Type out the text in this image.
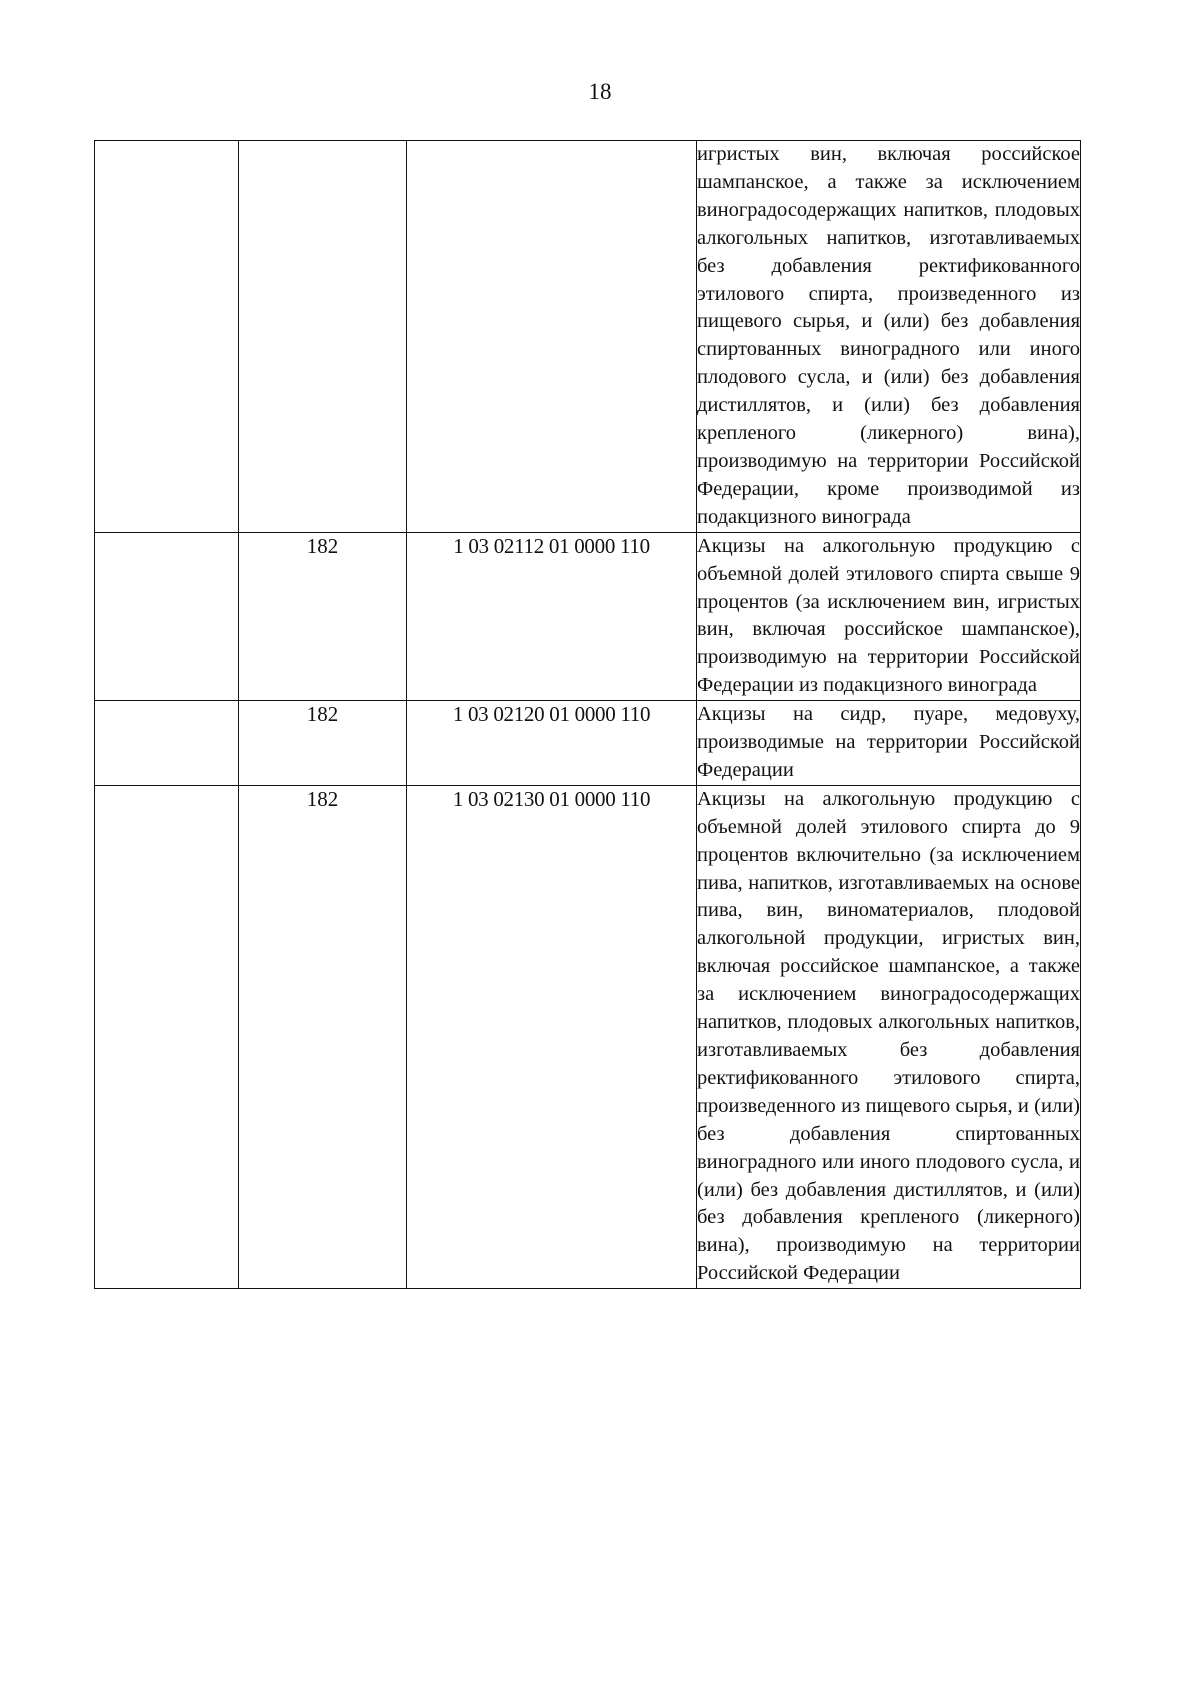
18

			игристых вин, включая российское шампанское, а также за исключением виноградосодержащих напитков, плодовых алкогольных напитков, изготавливаемых без добавления ректификованного этилового спирта, произведенного из пищевого сырья, и (или) без добавления спиртованных виноградного или иного плодового сусла, и (или) без добавления дистиллятов, и (или) без добавления крепленого (ликерного) вина), производимую на территории Российской Федерации, кроме производимой из подакцизного винограда

	182	1 03 02112 01 0000 110	Акцизы на алкогольную продукцию с объемной долей этилового спирта свыше 9 процентов (за исключением вин, игристых вин, включая российское шампанское), производимую на территории Российской Федерации из подакцизного винограда

	182	1 03 02120 01 0000 110	Акцизы на сидр, пуаре, медовуху, производимые на территории Российской Федерации

	182	1 03 02130 01 0000 110	Акцизы на алкогольную продукцию с объемной долей этилового спирта до 9 процентов включительно (за исключением пива, напитков, изготавливаемых на основе пива, вин, виноматериалов, плодовой алкогольной продукции, игристых вин, включая российское шампанское, а также за исключением виноградосодержащих напитков, плодовых алкогольных напитков, изготавливаемых без добавления ректификованного этилового спирта, произведенного из пищевого сырья, и (или) без добавления спиртованных виноградного или иного плодового сусла, и (или) без добавления дистиллятов, и (или) без добавления крепленого (ликерного) вина), производимую на территории Российской Федерации
